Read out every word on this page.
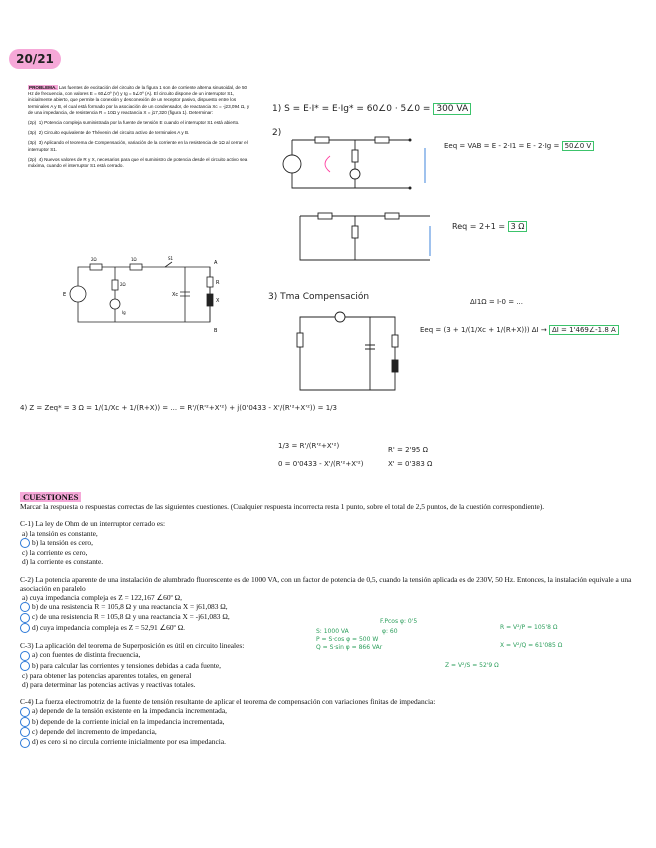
20/21

PROBLEMA. Las fuentes de excitación del circuito de la figura 1 son de corriente alterna sinusoidal, de 50 Hz de frecuencia, con valores E = 60∠0º (V) y Ig = 5∠0º (A). El circuito dispone de un interruptor S1, inicialmente abierto, que permite la conexión y desconexión de un receptor pasivo, dispuesto entre los terminales A y B, el cual está formado por la asociación de un condensador, de reactancia Xc = -j23,094 Ω, y de una impedancia, de resistencia R = 10Ω y reactancia X = j17,320 (figura 1). Determinar:

(2p) 1) Potencia compleja suministrada por la fuente de tensión E cuando el interruptor S1 está abierto.

(3p) 2) Circuito equivalente de Thévenin del circuito activo de terminales A y B.

(3p) 3) Aplicando el teorema de Compensación, variación de la corriente en la resistencia de 1Ω al cerrar el interruptor S1.

(2p) 4) Nuevos valores de R y X, necesarios para que el suministro de potencia desde el circuito activo sea máxima, cuando el interruptor S1 está cerrado.

2Ω	1Ω	S1
2Ω
Ig
E	Xc
R
X
A
B
1) S = E·I* = E·Ig* = 60∠0 · 5∠0 = 300 VA
2)
Eeq = VAB = E - 2·I1 = E - 2·Ig = 50∠0 V
Req = 2+1 = 3 Ω
3) Tma Compensación	ΔI1Ω = I-0 = ...
Eeq = (3 + 1/(1/Xc + 1/(R+X))) ΔI → ΔI = 1'469∠-1.8 A
4) Z = Zeq* = 3 Ω = 1/(1/Xc + 1/(R+X)) = ... = R'/(R'²+X'²) + j(0'0433 - X'/(R'²+X'²)) = 1/3
1/3 = R'/(R'²+X'²)
0 = 0'0433 - X'/(R'²+X'²)
R' = 2'95 Ω
X' = 0'383 Ω
CUESTIONES

Marcar la respuesta o respuestas correctas de las siguientes cuestiones. (Cualquier respuesta incorrecta resta 1 punto, sobre el total de 2,5 puntos, de la cuestión correspondiente).

C-1) La ley de Ohm de un interruptor cerrado es:

a) la tensión es constante,

b) la tensión es cero,

c) la corriente es cero,

d) la corriente es constante.

C-2) La potencia aparente de una instalación de alumbrado fluorescente es de 1000 VA, con un factor de potencia de 0,5, cuando la tensión aplicada es de 230V, 50 Hz. Entonces, la instalación equivale a una asociación en paralelo

a) cuya impedancia compleja es Z = 122,167 ∠60º Ω,

b) de una resistencia R = 105,8 Ω y una reactancia X = j61,083 Ω,

c) de una resistencia R = 105,8 Ω y una reactancia X = -j61,083 Ω,

d) cuya impedancia compleja es Z = 52,91 ∠60º Ω.

C-3) La aplicación del teorema de Superposición es útil en circuito lineales:

a) con fuentes de distinta frecuencia,

b) para calcular las corrientes y tensiones debidas a cada fuente,

c) para obtener las potencias aparentes totales, en general

d) para determinar las potencias activas y reactivas totales.

C-4) La fuerza electromotriz de la fuente de tensión resultante de aplicar el teorema de compensación con variaciones finitas de impedancia:

a) depende de la tensión existente en la impedancia incrementada,

b) depende de la corriente inicial en la impedancia incrementada,

c) depende del incremento de impedancia,

d) es cero si no circula corriente inicialmente por esa impedancia.

S: 1000 VA
P = S·cos φ = 500 W
Q = S·sin φ = 866 VAr
F.Pcos φ: 0'5
φ: 60
R = V²/P = 105'8 Ω
X = V²/Q = 61'085 Ω
Z = V²/S = 52'9 Ω
